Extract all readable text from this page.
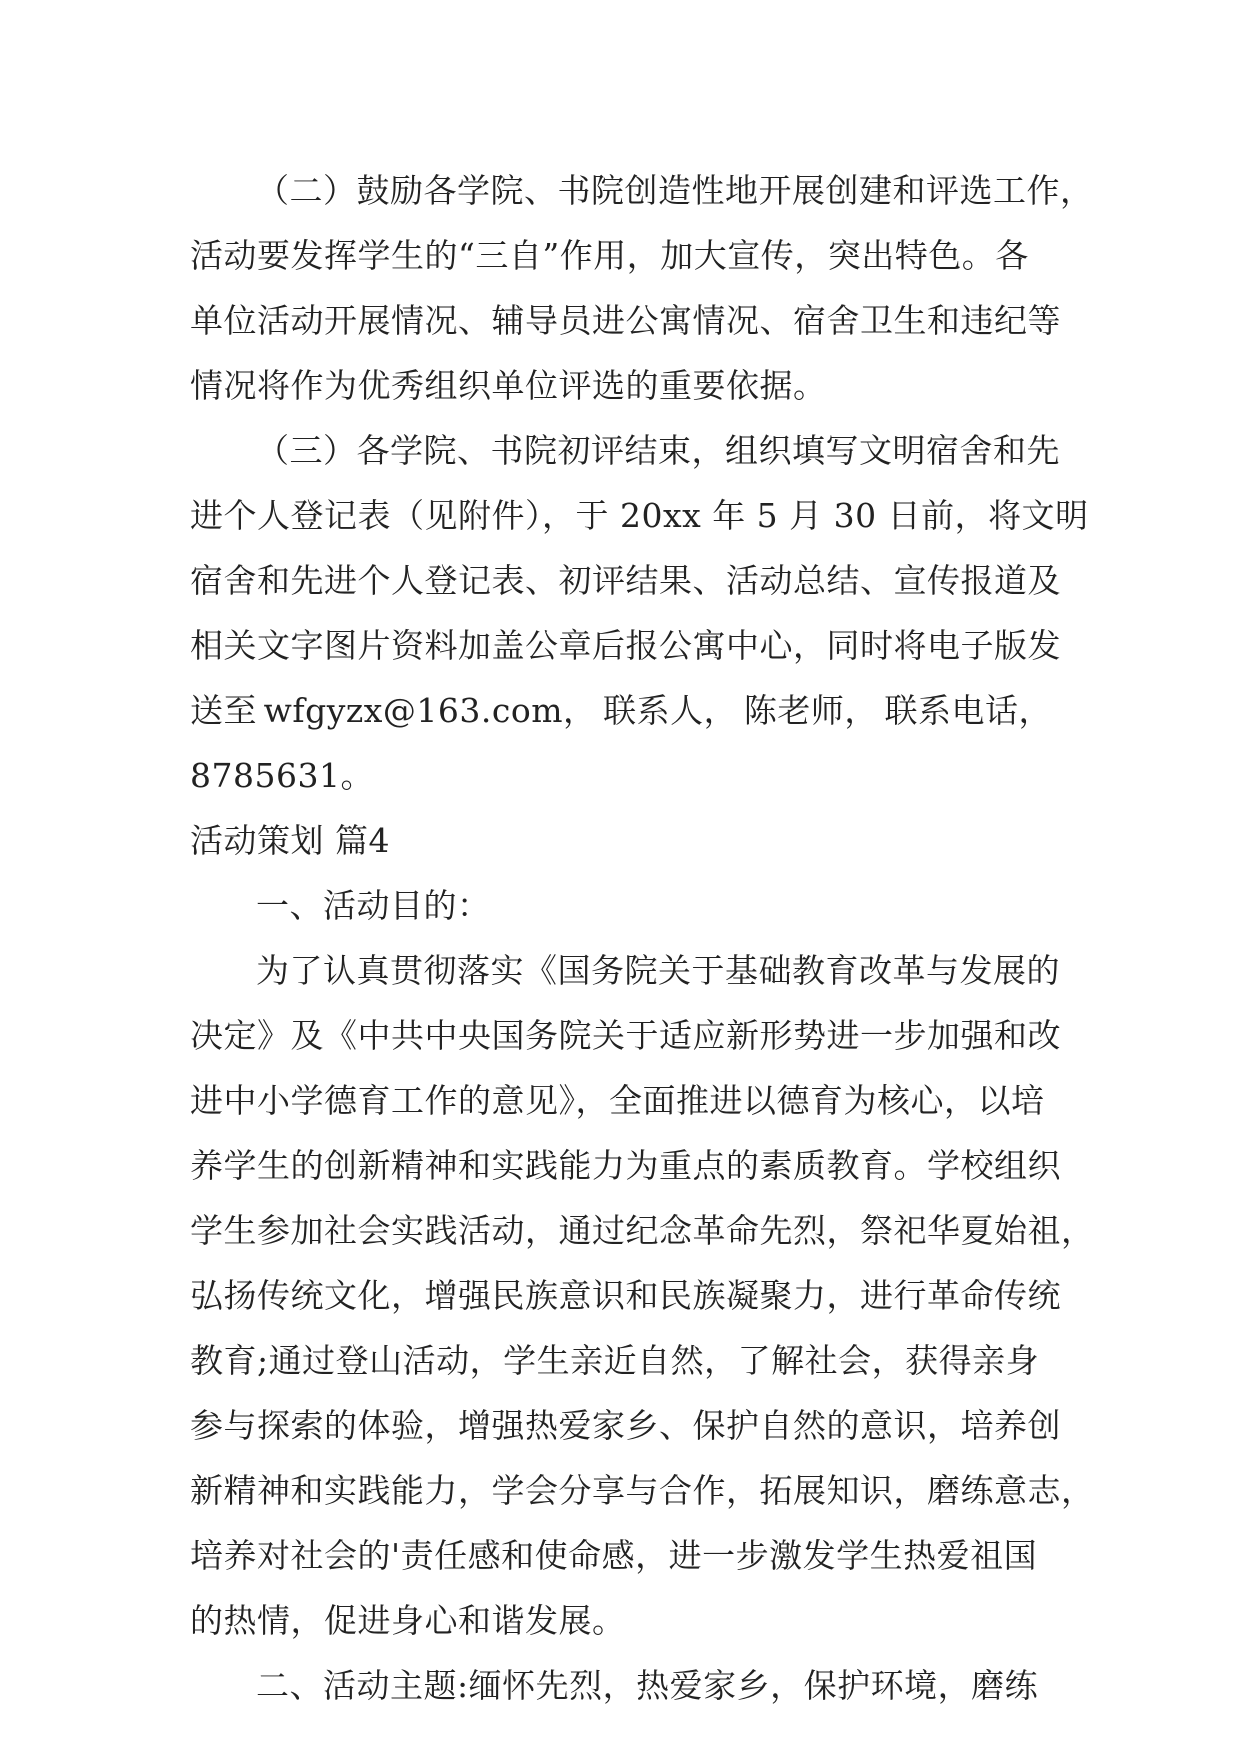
（二）鼓励各学院、书院创造性地开展创建和评选工作，
活动要发挥学生的“三自”作用，加大宣传，突出特色。各
单位活动开展情况、辅导员进公寓情况、宿舍卫生和违纪等
情况将作为优秀组织单位评选的重要依据。
（三）各学院、书院初评结束，组织填写文明宿舍和先
进个人登记表（见附件），于 20xx 年 5 月 30 日前，将文明
宿舍和先进个人登记表、初评结果、活动总结、宣传报道及
相关文字图片资料加盖公章后报公寓中心，同时将电子版发
送至 wfgyzx@163.com， 联系人， 陈老师， 联系电话，
8785631。
活动策划 篇4
一、活动目的：
为了认真贯彻落实《国务院关于基础教育改革与发展的
决定》及《中共中央国务院关于适应新形势进一步加强和改
进中小学德育工作的意见》，全面推进以德育为核心，以培
养学生的创新精神和实践能力为重点的素质教育。学校组织
学生参加社会实践活动，通过纪念革命先烈，祭祀华夏始祖，
弘扬传统文化，增强民族意识和民族凝聚力，进行革命传统
教育;通过登山活动，学生亲近自然，了解社会，获得亲身
参与探索的体验，增强热爱家乡、保护自然的意识，培养创
新精神和实践能力，学会分享与合作，拓展知识，磨练意志，
培养对社会的'责任感和使命感，进一步激发学生热爱祖国
的热情，促进身心和谐发展。
二、活动主题:缅怀先烈，热爱家乡，保护环境，磨练
